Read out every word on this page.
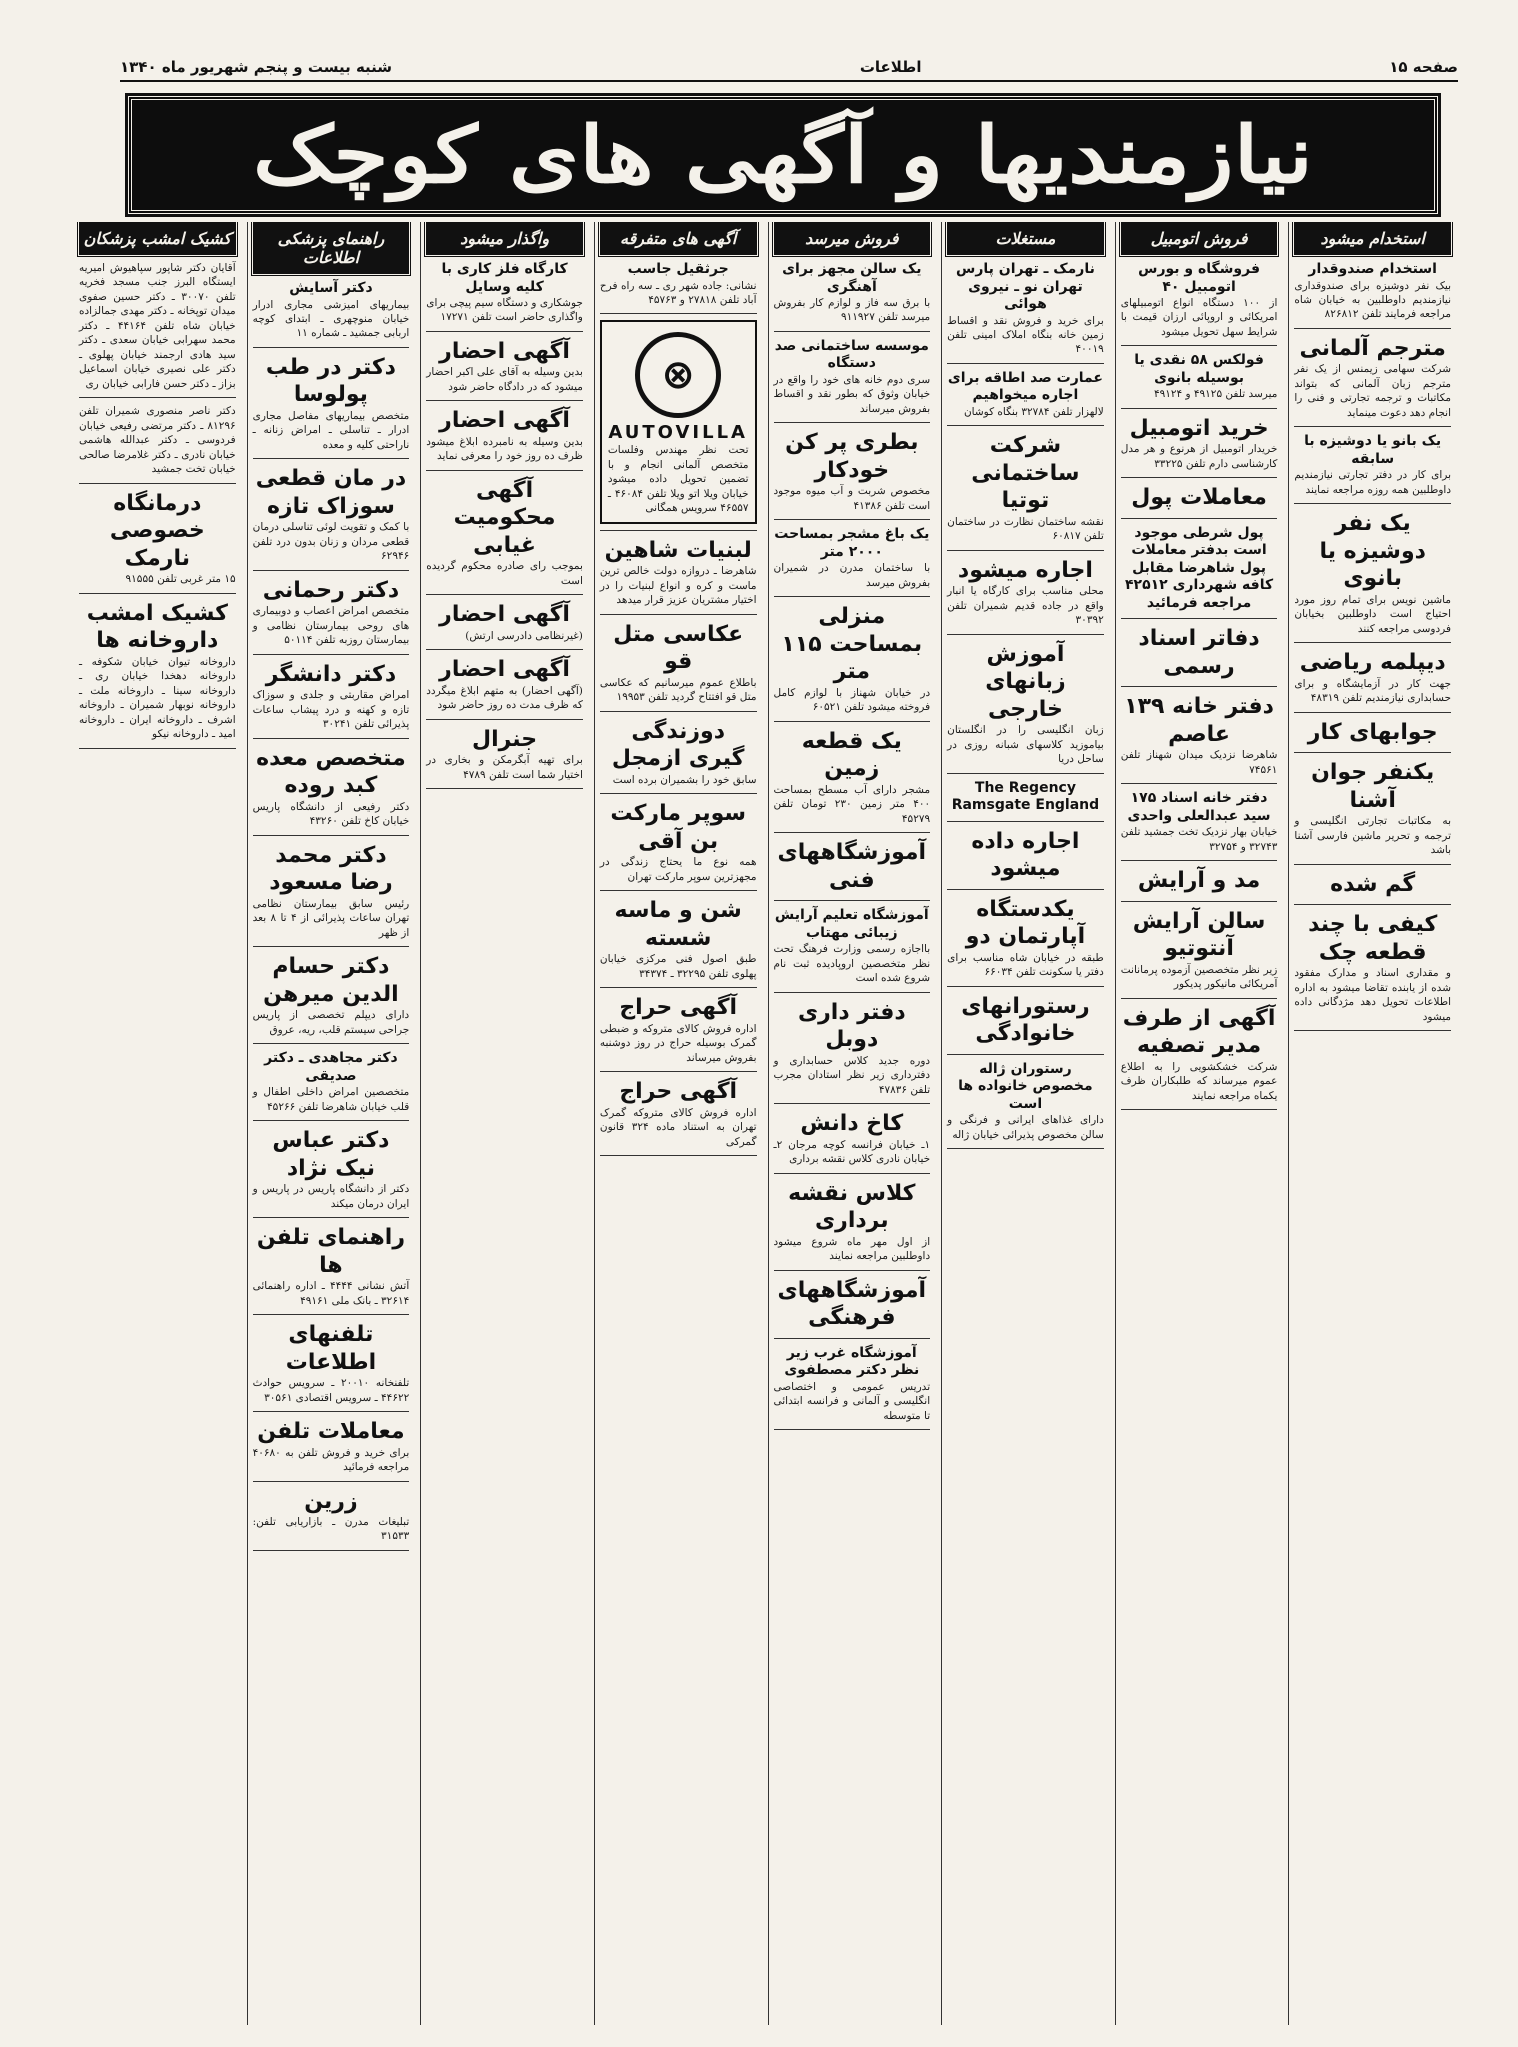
صفحه ۱۵
اطلاعات
شنبه بیست و پنجم شهریور ماه ۱۳۴۰
نیازمندیها و آگهی های کوچک
استخدام میشود
استخدام صندوقدار
بیک نفر دوشیزه برای صندوقداری نیازمندیم داوطلبین به خیابان شاه مراجعه فرمایند تلفن ۸۲۶۸۱۲
مترجم آلمانی
شرکت سهامی زیمنس از یک نفر مترجم زبان آلمانی که بتواند مکاتبات و ترجمه تجارتی و فنی را انجام دهد دعوت مینماید
یک بانو یا دوشیزه با سابقه
برای کار در دفتر تجارتی نیازمندیم داوطلبین همه روزه مراجعه نمایند
یک نفر دوشیزه یا بانوی
ماشین نویس برای تمام روز مورد احتیاج است داوطلبین بخیابان فردوسی مراجعه کنند
دیپلمه ریاضی
جهت کار در آزمایشگاه و برای حسابداری نیازمندیم تلفن ۴۸۳۱۹
جوابهای کار
یکنفر جوان آشنا
به مکاتبات تجارتی انگلیسی و ترجمه و تحریر ماشین فارسی آشنا باشد
گم شده
کیفی با چند قطعه چک
و مقداری اسناد و مدارک مفقود شده از یابنده تقاضا میشود به اداره اطلاعات تحویل دهد مژدگانی داده میشود
فروش اتومبیل
فروشگاه و بورس اتومبیل ۴۰
از ۱۰۰ دستگاه انواع اتومبیلهای امریکائی و اروپائی ارزان قیمت با شرایط سهل تحویل میشود
فولکس ۵۸ نقدی یا بوسیله بانوی
میرسد تلفن ۴۹۱۲۵ و ۴۹۱۲۴
خرید اتومبیل
خریدار اتومبیل از هرنوع و هر مدل کارشناسی دارم تلفن ۳۳۲۲۵
معاملات پول
پول شرطی موجود است بدفتر معاملات پول شاهرضا مقابل کافه شهرداری ۴۲۵۱۲ مراجعه فرمائید
دفاتر اسناد رسمی
دفتر خانه ۱۳۹ عاصم
شاهرضا نزدیک میدان شهناز تلفن ۷۴۵۶۱
دفتر خانه اسناد ۱۷۵ سید عبدالعلی واحدی
خیابان بهار نزدیک تخت جمشید تلفن ۳۲۷۴۳ و ۳۲۷۵۴
مد و آرایش
سالن آرایش آنتوتیو
زیر نظر متخصصین آزموده پرمانانت آمریکائی مانیکور پدیکور
آگهی از طرف مدیر تصفیه
شرکت خشکشویی را به اطلاع عموم میرساند که طلبکاران ظرف یکماه مراجعه نمایند
مستغلات
نارمک ـ تهران پارس تهران نو ـ نیروی هوائی
برای خرید و فروش نقد و اقساط زمین خانه بنگاه املاک امینی تلفن ۴۰۰۱۹
عمارت صد اطاقه برای اجاره میخواهیم
لالهزار تلفن ۳۲۷۸۴ بنگاه کوشان
شرکت ساختمانی توتیا
نقشه ساختمان نظارت در ساختمان تلفن ۶۰۸۱۷
اجاره میشود
محلی مناسب برای کارگاه یا انبار واقع در جاده قدیم شمیران تلفن ۳۰۳۹۲
آموزش زبانهای خارجی
زبان انگلیسی را در انگلستان بیاموزید کلاسهای شبانه روزی در ساحل دریا
The Regency Ramsgate England
اجاره داده میشود
یکدستگاه آپارتمان دو
طبقه در خیابان شاه مناسب برای دفتر یا سکونت تلفن ۶۶۰۳۴
رستورانهای خانوادگی
رستوران ژاله مخصوص خانواده ها است
دارای غذاهای ایرانی و فرنگی و سالن مخصوص پذیرائی خیابان ژاله
فروش میرسد
یک سالن مجهز برای آهنگری
با برق سه فاز و لوازم کار بفروش میرسد تلفن ۹۱۱۹۲۷
موسسه ساختمانی صد دستگاه
سری دوم خانه های خود را واقع در خیابان وثوق که بطور نقد و اقساط بفروش میرساند
بطری پر کن خودکار
مخصوص شربت و آب میوه موجود است تلفن ۴۱۳۸۶
یک باغ مشجر بمساحت ۲۰۰۰ متر
با ساختمان مدرن در شمیران بفروش میرسد
منزلی بمساحت ۱۱۵ متر
در خیابان شهناز با لوازم کامل فروخته میشود تلفن ۶۰۵۲۱
یک قطعه زمین
مشجر دارای آب مسطح بمساحت ۴۰۰ متر زمین ۲۳۰ تومان تلفن ۴۵۲۷۹
آموزشگاههای فنی
آموزشگاه تعلیم آرایش زیبائی مهتاب
بااجازه رسمی وزارت فرهنگ تحت نظر متخصصین اروپادیده ثبت نام شروع شده است
دفتر داری دوبل
دوره جدید کلاس حسابداری و دفترداری زیر نظر استادان مجرب تلفن ۴۷۸۳۶
کاخ دانش
۱ـ خیابان فرانسه کوچه مرجان ۲ـ خیابان نادری کلاس نقشه برداری
کلاس نقشه برداری
از اول مهر ماه شروع میشود داوطلبین مراجعه نمایند
آموزشگاههای فرهنگی
آموزشگاه غرب زیر نظر دکتر مصطفوی
تدریس عمومی و اختصاصی انگلیسی و آلمانی و فرانسه ابتدائی تا متوسطه
آگهی های متفرقه
جرثقیل جاسب
نشانی: جاده شهر ری ـ سه راه فرح آباد تلفن ۲۷۸۱۸ و ۴۵۷۶۳
⊗
AUTOVILLA
تحت نظر مهندس وفلسات متخصص آلمانی انجام و با تضمین تحویل داده میشود خیابان ویلا اتو ویلا تلفن ۴۶۰۸۴ ـ ۴۶۵۵۷ سرویس همگانی
لبنیات شاهین
شاهرضا ـ دروازه دولت خالص ترین ماست و کره و انواع لبنیات را در اختیار مشتریان عزیز قرار میدهد
عکاسی متل قو
باطلاع عموم میرسانیم که عکاسی متل قو افتتاح گردید تلفن ۱۹۹۵۳
دوزندگی گیری ازمجل
سابق خود را بشمیران برده است
سوپر مارکت بن آقی
همه نوع ما یحتاج زندگی در مجهزترین سوپر مارکت تهران
شن و ماسه شسته
طبق اصول فنی مرکزی خیابان پهلوی تلفن ۳۲۲۹۵ ـ ۳۴۳۷۴
آگهی حراج
اداره فروش کالای متروکه و ضبطی گمرک بوسیله حراج در روز دوشنبه بفروش میرساند
آگهی حراج
اداره فروش کالای متروکه گمرک تهران به استناد ماده ۳۲۴ قانون گمرکی
واگذار میشود
کارگاه فلز کاری با کلیه وسایل
جوشکاری و دستگاه سیم پیچی برای واگذاری حاضر است تلفن ۱۷۲۷۱
آگهی احضار
بدین وسیله به آقای علی اکبر احضار میشود که در دادگاه حاضر شود
آگهی احضار
بدین وسیله به نامبرده ابلاغ میشود ظرف ده روز خود را معرفی نماید
آگهی محکومیت غیابی
بموجب رای صادره محکوم گردیده است
آگهی احضار
(غیرنظامی دادرسی ارتش)
آگهی احضار
(آگهی احضار) به متهم ابلاغ میگردد که ظرف مدت ده روز حاضر شود
جنرال
برای تهیه آبگرمکن و بخاری در اختیار شما است تلفن ۴۷۸۹
راهنمای پزشکی اطلاعات
دکتر آسایش
بیماریهای امیزشی مجاری ادرار خیابان منوچهری ـ ابتدای کوچه اربابی جمشید ـ شماره ۱۱
دکتر در طب پولوسا
متخصص بیماریهای مفاصل مجاری ادرار ـ تناسلی ـ امراض زنانه ـ ناراحتی کلیه و معده
در مان قطعی سوزاک تازه
با کمک و تقویت لوئی تناسلی درمان قطعی مردان و زنان بدون درد تلفن ۶۲۹۴۶
دکتر رحمانی
متخصص امراض اعصاب و دوبیماری های روحی بیمارستان نظامی و بیمارستان روزبه تلفن ۵۰۱۱۴
دکتر دانشگر
امراض مقاربتی و جلدی و سوزاک تازه و کهنه و درد پیشاب ساعات پذیرائی تلفن ۳۰۲۴۱
متخصص معده کبد روده
دکتر رفیعی از دانشگاه پاریس خیابان کاخ تلفن ۴۳۲۶۰
دکتر محمد رضا مسعود
رئیس سابق بیمارستان نظامی تهران ساعات پذیرائی از ۴ تا ۸ بعد از ظهر
دکتر حسام الدین میرهن
دارای دیپلم تخصصی از پاریس جراحی سیستم قلب، ریه، عروق
دکتر مجاهدی ـ دکتر صدیقی
متخصصین امراض داخلی اطفال و قلب خیابان شاهرضا تلفن ۴۵۲۶۶
دکتر عباس نیک نژاد
دکتر از دانشگاه پاریس در پاریس و ایران درمان میکند
راهنمای تلفن ها
آتش نشانی ۴۴۴۴ ـ اداره راهنمائی ۳۲۶۱۴ ـ بانک ملی ۴۹۱۶۱
تلفنهای اطلاعات
تلفنخانه ۲۰۰۱۰ ـ سرویس حوادث ۴۴۶۲۲ ـ سرویس اقتصادی ۳۰۵۶۱
معاملات تلفن
برای خرید و فروش تلفن به ۴۰۶۸۰ مراجعه فرمائید
زرین
تبلیغات مدرن ـ بازاریابی تلفن: ۳۱۵۳۳
کشیک امشب پزشکان
آقایان دکتر شاپور سپاهیوش امیریه ایستگاه البرز جنب مسجد فخریه تلفن ۳۰۰۷۰ ـ دکتر حسین صفوی میدان توپخانه ـ دکتر مهدی جمالزاده خیابان شاه تلفن ۴۴۱۶۴ ـ دکتر محمد سهرابی خیابان سعدی ـ دکتر سید هادی ارجمند خیابان پهلوی ـ دکتر علی نصیری خیابان اسماعیل بزاز ـ دکتر حسن فارابی خیابان ری
دکتر ناصر منصوری شمیران تلفن ۸۱۲۹۶ ـ دکتر مرتضی رفیعی خیابان فردوسی ـ دکتر عبدالله هاشمی خیابان نادری ـ دکتر غلامرضا صالحی خیابان تخت جمشید
درمانگاه خصوصی نارمک
۱۵ متر غربی تلفن ۹۱۵۵۵
کشیک امشب داروخانه ها
داروخانه تیوان خیابان شکوفه ـ داروخانه دهخدا خیابان ری ـ داروخانه سینا ـ داروخانه ملت ـ داروخانه نوبهار شمیران ـ داروخانه اشرف ـ داروخانه ایران ـ داروخانه امید ـ داروخانه نیکو
